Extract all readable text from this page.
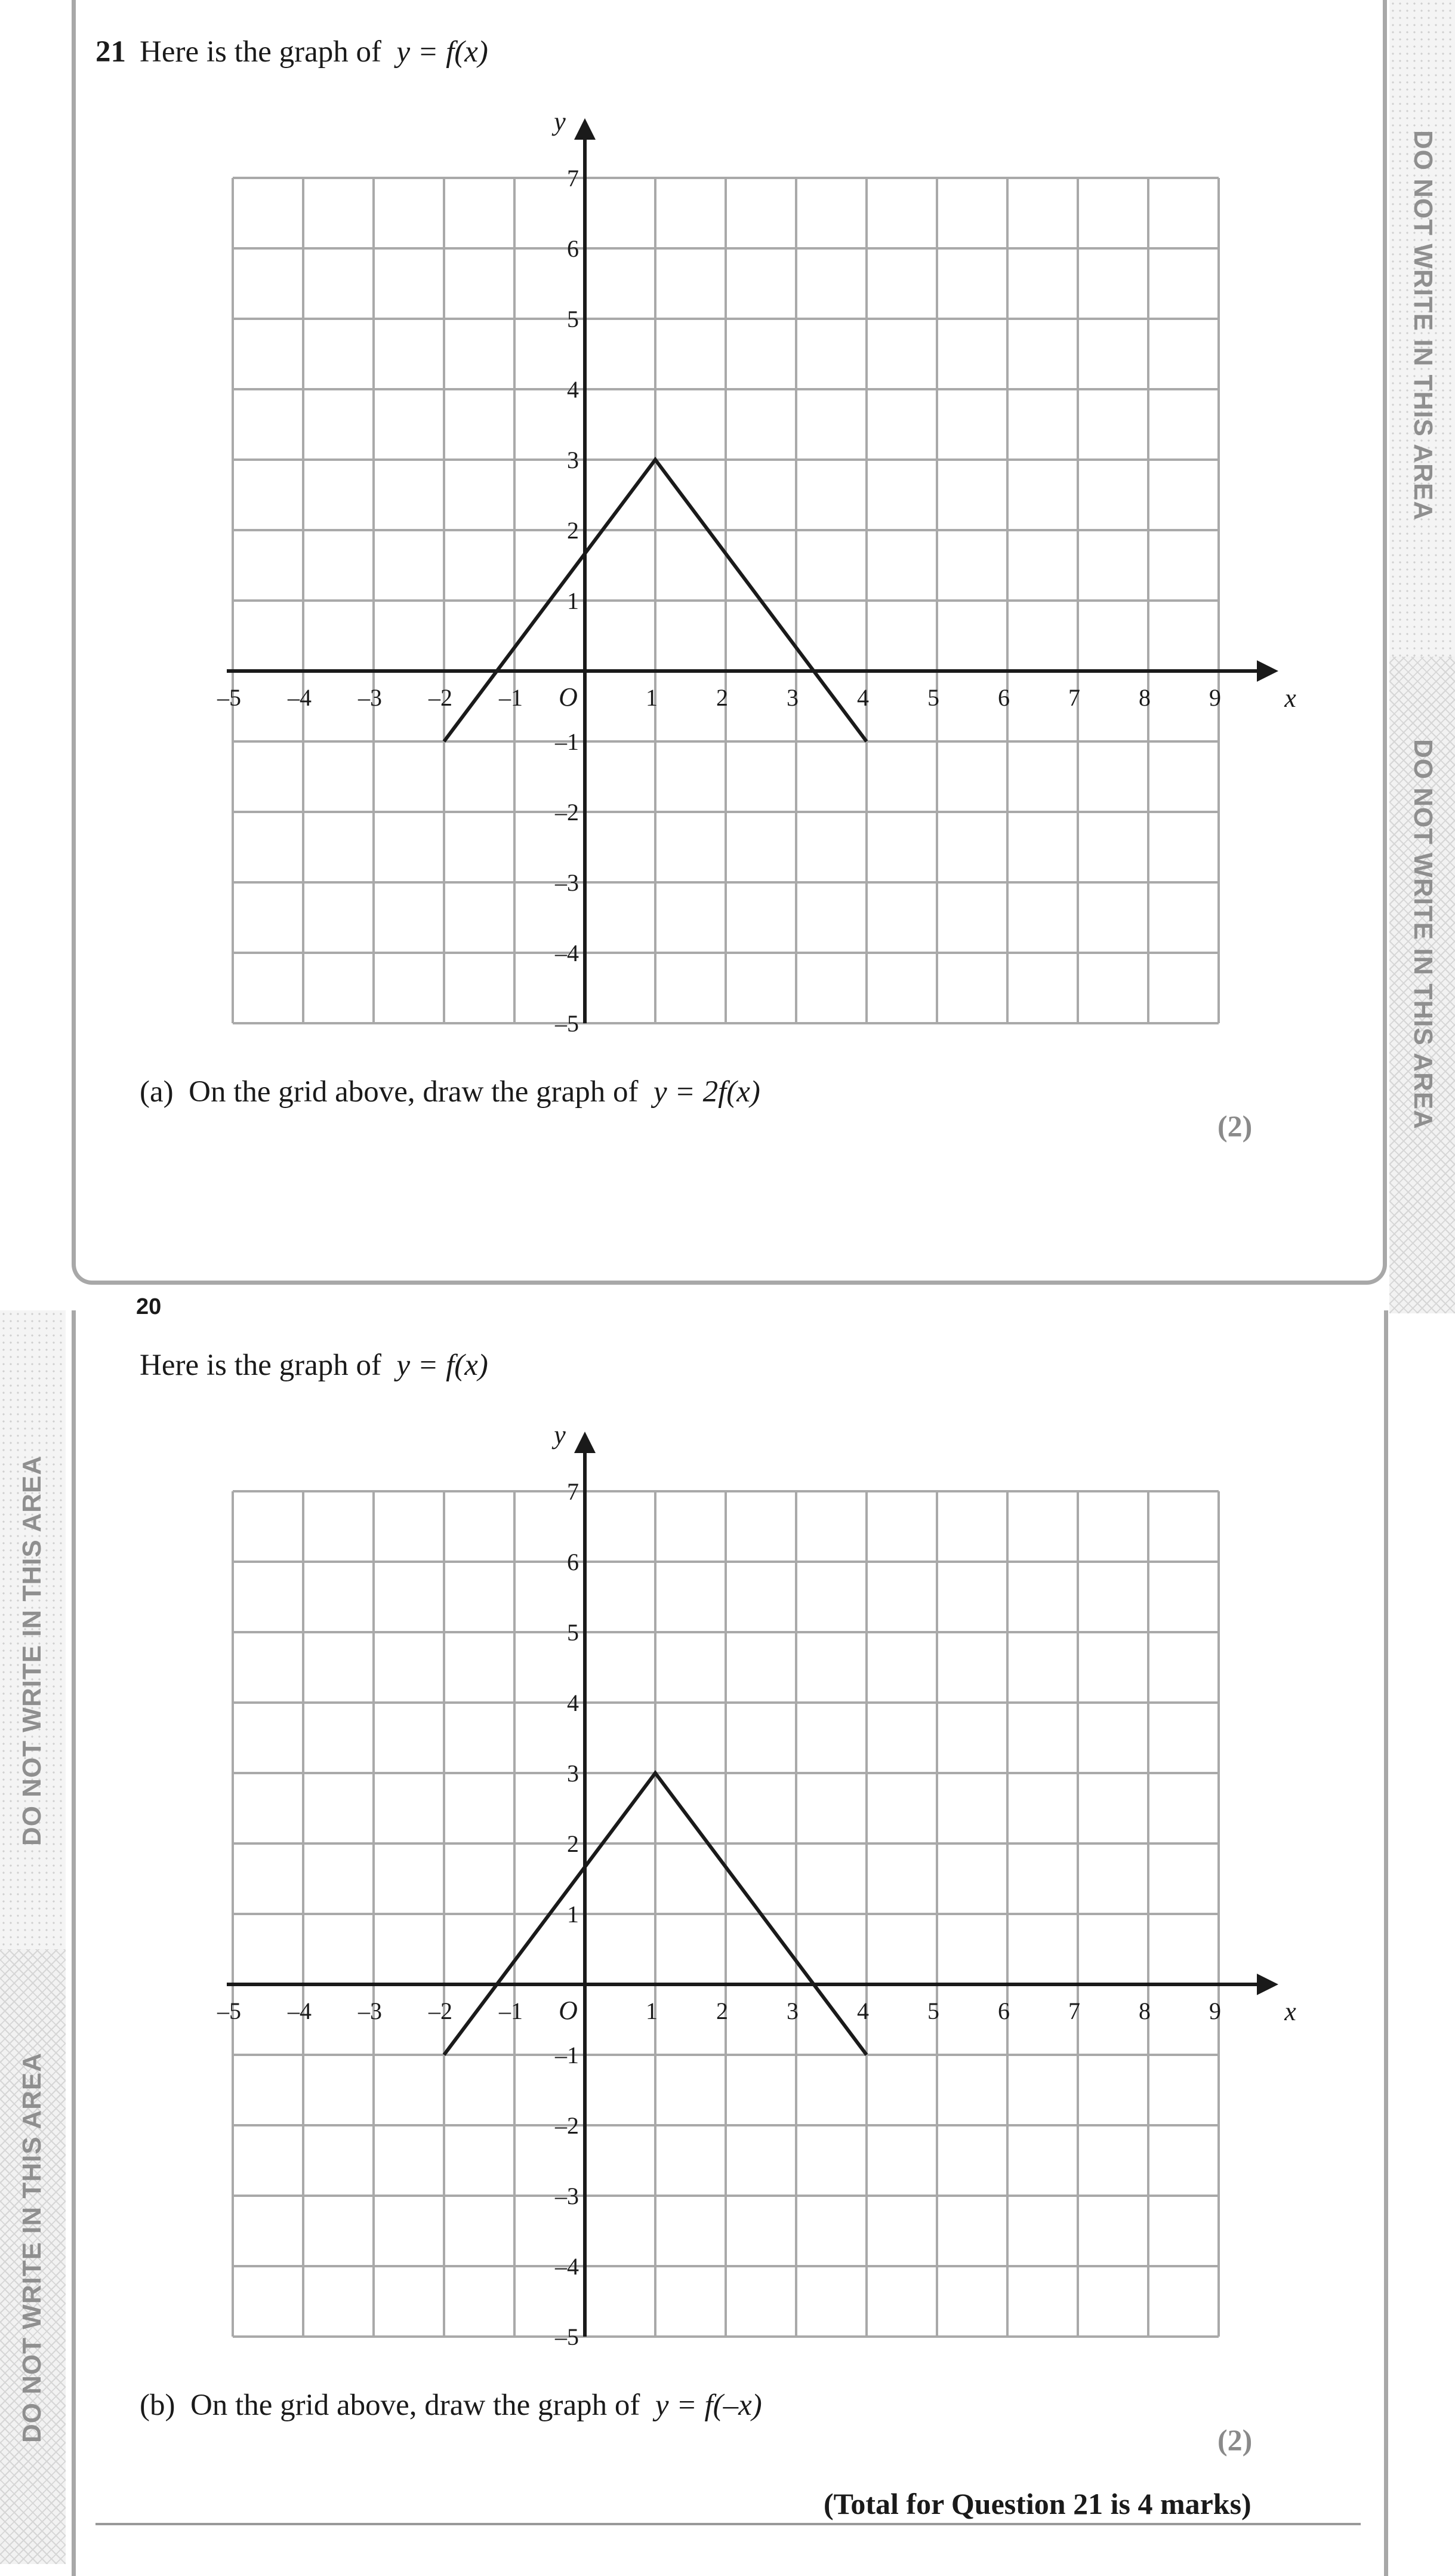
DO NOT WRITE IN THIS AREA
DO NOT WRITE IN THIS AREA
DO NOT WRITE IN THIS AREA
DO NOT WRITE IN THIS AREA
21 Here is the graph of y = f(x)
–5 –4 –3 –2 –1	1 2 3 4 5 6 7 8 9
7
6
5
4
3
2
1
–1
–2
–3
–4
–5
O	x
y
(a) On the grid above, draw the graph of y = 2f(x)
(2)
20
Here is the graph of y = f(x)
–5 –4 –3 –2 –1	1 2 3 4 5 6 7 8 9
7
6
5
4
3
2
1
–1
–2
–3
–4
–5
O	x
y
(b) On the grid above, draw the graph of y = f(–x)
(2)
(Total for Question 21 is 4 marks)
